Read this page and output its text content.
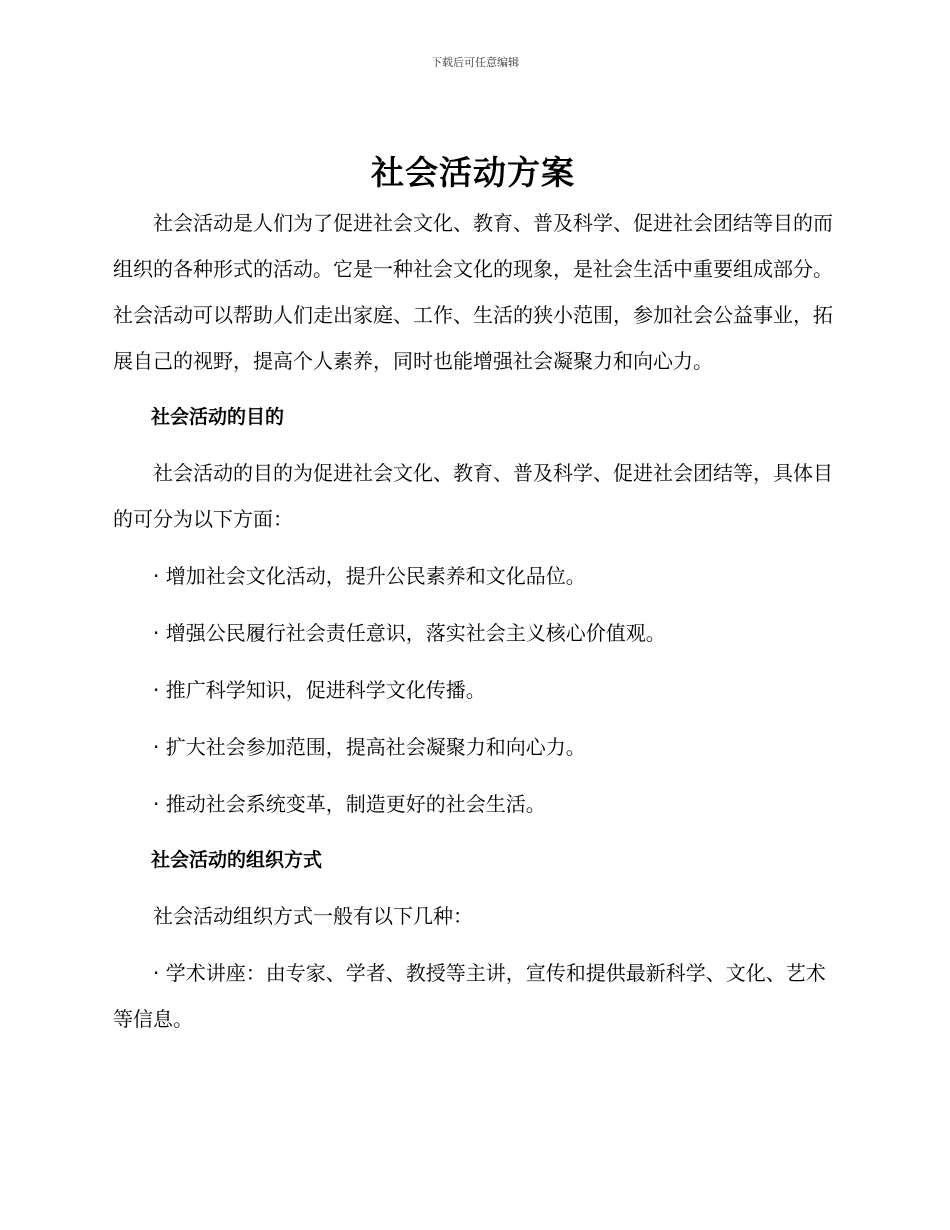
下载后可任意编辑
社会活动方案

社会活动是人们为了促进社会文化、教育、普及科学、促进社会团结等目的而组织的各种形式的活动。它是一种社会文化的现象，是社会生活中重要组成部分。社会活动可以帮助人们走出家庭、工作、生活的狭小范围，参加社会公益事业，拓展自己的视野，提高个人素养，同时也能增强社会凝聚力和向心力。

社会活动的目的

社会活动的目的为促进社会文化、教育、普及科学、促进社会团结等，具体目的可分为以下方面：

· 增加社会文化活动，提升公民素养和文化品位。

· 增强公民履行社会责任意识，落实社会主义核心价值观。

· 推广科学知识，促进科学文化传播。

· 扩大社会参加范围，提高社会凝聚力和向心力。

· 推动社会系统变革，制造更好的社会生活。

社会活动的组织方式

社会活动组织方式一般有以下几种：

· 学术讲座：由专家、学者、教授等主讲，宣传和提供最新科学、文化、艺术等信息。
